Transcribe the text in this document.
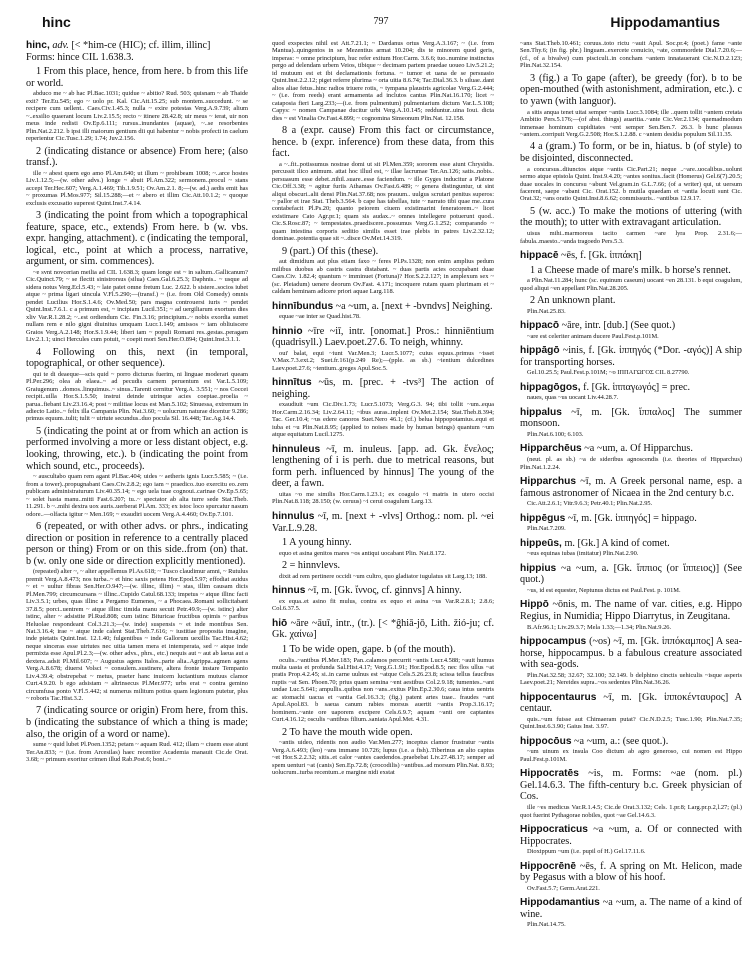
hinc	797	Hippodamantius

hinc, adv. [< *him-ce (HIC); cf. illim, illinc]

Forms: hince CIL 1.638.3.

1 From this place, hence, from here. b from this life or world.

abduco me ~ ab hac Pl.Bac.1031; quidue ~ abitio? Rud. 503; quisnam ~ ab Thaide exit? Ter.Eu.545; ego ~ uolo pr. Kal. Cic.Att.15.25; sub montem..succedunt. ~ se recipere cum uellent.. Caes.Civ.1.45.3; nulla ~ exire potestas Verg.A.9.739; alium ~..exsilio quaerant locum Liv.2.15.5; recto ~ itinere 28.42.8; uir meus ~ ierat, uir non meus inde redisti Ov.Ep.6.111; rursus..inundantes (aquae), ~..se resorbentes Plin.Nat.2.212. b ipsi illi maiorum gentium dii qui habentur ~ nobis profecti in caelum reperientur Cic.Tusc.1.29; 1.74; Juv.2.156.

2 (indicating distance or absence) From here; (also transf.).

ille ~ abest quem ego amo Pl.Am.640; ut illum ~ prohibeam 1008; ~..arce hostes Liv.1.12.5;—(w. other advs.) longe ~ abuit Pl.Am.322; sermonem..procul ~ stans accepi Ter.Hec.607; Verg.A.1.469; Tib.1.9.51; Ov.Am.2.1. 8;—(w. ad.) aedis emit has ~ proxumas Pl.Mos.977; Sil.15.288;—et ~ abero et illim Cic.Att.10.1.2; ~ quoque exclusis excusatio superest Quint.Inst.7.4.14.

3 (indicating the point from which a topographical feature, space, etc., extends) From here. b (w. vbs. expr. hanging, attachment). c (indicating the temporal, logical, etc., point at which a process, narrative, argument, or sim. commences).

~e svnt novcerian meilia ad CIL 1.638.3; quam longe est ~ in saltum..Gallicanum? Cic.Quinct.79; ~ se flectit sinistrorsus (silua) Caes.Gal.6.25.3; Daphnis.. ~ usque ad sidera notus Verg.Ecl.5.43; ~ late patet omne fretum Luc. 2.622. b sistere..socios iubet atque ~ prima ligari uincula V.Fl.5.290;—(transf.) ~ (i.e. from Old Comedy) omnis pendet Lucilius Hor.S.1.4.6; Ov.Med.50; pars magna controuersi iuris ~ pendet Quint.Inst.7.6.1. c a primum est, ~ incipiam Lucil.351; ~ ad uergiliarum exortum dies xliv Var.R.1.28.2; ~..est ordiendum Cic. Fin.3.16; principium..~ nobis exordia sumet nullam rem e nilo gigni diuinitus umquam Lucr.1.149; amissos ~ iam obliuiscere Graios Verg.A.2.148; Hor.S.1.9.44; liberi iam ~ populi Romani res..gestas..peragam Liv.2.1.1; uinci Hercules cum potuit, ~ coepit mori Sen.Her.O.894; Quint.Inst.3.1.1.

4 Following on this, next (in temporal, topographical, or other sequence).

qui te di deaeque—scis quid ~ porro dicturus fuerim, ni linguae moderari queam Pl.Per.296; olea ab elaea..~ ad pecudis carnem peruentum est Var.L.5.109; Graiugenum ..domos..linquimus..~ sinus..Tarenti cernitur Verg.A. 3.551; ~ nos Coccei recipit..uilla Hor.S.1.5.50; instrui deinde utrinque acies coeptae..proelia ~ parua..fiebant Liv.23.16.4; post ~ militiae locus est Man.5.102; Sinuessa, extremum in adiecto Latio..~ felix illa Campania Plin. Nat.3.60; ~ uolucrum naturae dicentur 9.286; primus equum..tulit; tulit ~ uirtute secundus..duo pocula Sil. 16.448; Tac.Ag.14.4.

5 (indicating the point at or from which an action is performed involving a more or less distant object, e.g. looking, throwing, etc.). b (indicating the point from which sound, etc., proceeds).

~ auscultabo quam rem agant Pl.Bac.404; uides ~ aetheris ignis Lucr.5.585; ~ (i.e. from a tower)..propugnabant Caes.Civ.2.8.2; ego iam ~ praedico..tuo exercitu eo..rem publicam administraturum Liv.40.35.14; ~ ego uela tuae cognoui..carinae Ov.Ep.5.65; ~ solet hasta manu..mitti Fast.6.207; tu..~ spectator ab alta turre sede Stat.Theb. 11.291. b ~..mihi dextra uox auris..uerberat Pl.Am. 333; ex istoc loco spurcatur nasum odore..—olfacta igitur ~ Men.169; ~ exaudiri uocem Verg.A.4.460; Ov.Ep.7.101.

6 (repeated, or with other advs. or phrs., indicating direction or position in reference to a centrally placed person or thing) From or on this side..from (on) that. b (w. only one side or direction explicitly mentioned).

(repeated) alter ~, ~ alter appellemus Pl.As.618; ~ Tusco claudimur amni, ~ Rutulus premit Verg.A.8.473; nos turba..~ et hinc saxis petens Hor.Epod.5.97; effodiat auidus ~ et ~ uultur fibras Sen.Her.O.947;—(w. illinc, illim) ~ stas, illim causam dicis Pl.Men.799; circumcursans ~ illinc..Cupido Catul.68.133; impetus ~ atque illinc facti Liv.3.5.1; urbes, quas illinc a Pergamo Eumenes, ~ a Phocaea..Romani sollicitabant 37.8.5; porci..uentrem ~ atque illinc timida manu secuit Petr.49.9;—(w. istinc) alter istinc, alter ~ adsistite Pl.Rud.808; cum istinc Bituricae fructibus opimis ~ paribus Heluolae respondeant Col.3.21.3;—(w. inde) suspensis ~ et inde montibus Sen. Nat.3.16.4; irae ~ atque inde calent Stat.Theb.7.616; ~ iustitiae proposita imagine, inde pietatis Quint.Inst. 12.1.40; fulgentibus ~ inde Gallorum uexillis Tac.Hist.4.62; neque sinceras esse uirtutes nec uitia tamen mera et intemperata, sed ~ atque inde permixta esse Apul.Pl.2.3;—(w. other advs., phrs., etc.) nequis aut ~ aut ab laeua aut a dextera..adsit Pl.Mil.607; ~ Augustus agens Italos..parte alia..Agrippa..agmen agens Verg.A.8.678; diuersi Volsci ~ consulem..sustinere, altera fronte instare Tempanio Liv.4.39.4; obstrepebat ~ metus, praeter hanc inuicem luctantium mutuus clamor Curt.4.9.20. b ego adsistam ~ altrinsecus Pl.Mer.977; urbs erat ~ contra gemino circumfusa ponto V.Fl.5.442; si numerus militum potius quam legionum putetur, plus ~ roboris Tac.Hist.3.2.

7 (indicating source or origin) From here, from this. b (indicating the substance of which a thing is made; also, the origin of a word or name).

sume ~ quid lubet Pl.Poen.1352; petam ~ aquam Rud. 412; illam ~ ciuem esse aiunt Ter.An.833; ~ (i.e. from Arcesilas) haec recentior Academia manauit Cic.de Orat. 3.68; ~ primum exoritur crimen illud Rab.Post.6; boni..~

quod exspectes nihil est Att.7.21.1; ~ Dardanus ortus Verg.A.3.167; ~ (i.e. from Mantua)..quingentos in se Mezentius armat 10.204; dis te minorem quod geris, imperas: ~ omne principium, huc refer exitum Hor.Carm. 3.6.6; tuo..numine instinctus pergo ad delendam urbem Veios, tibique ~ decimam partem praedae uoueo Liv.5.21.2; id mutuum est et ibi declamationis fortuna. ~ tumor et uana de se persuasio Quint.Inst.2.2.12; piget referre plurima ~ orta uitia 8.6.74; Tac.Dial.36.3. b siluae..dant alios aliae fetus..hinc radios triuere rotis, ~ tympana plaustris agricolae Verg.G.2.444; ~ (i.e. from reeds) erant armamenta ad inclutos cantus Plin.Nat.16.170; licet ~ cataposia fieri Larg.233;—(i.e. from pulmentum) pulmentarium dictum Var.L.5.108; Capys: ~ nomen Campanae ducitur urbi Verg.A.10.145; redduntur..uina Ioui. dicta dies ~ est Vinalia Ov.Fast.4.899; ~ cognomina Simeonum Plin.Nat. 12.158.

8 a (expr. cause) From this fact or circumstance, hence. b (expr. inference) from these data, from this fact.

a ~..fit..potissumus nostrae domi ut sit Pl.Men.359; sororem esse aiunt Chrysidis. percussit ilico animum. attat hoc illud est, ~ illae lacrumae Ter.An.126; satis..nobis.. persuasum esse debet..nihil..suare..esse faciendum. ~ ille Gyges inducitur a Platone Cic.Off.3.38; ~ agitur furiis Athamas Ov.Fast.6.489; ~ genera distinguntur, ut sint aliqui obscuri..alii densi Plin.Nat.37.68; nos prauum.. uulgus scrutari penitus superos: ~ pallor et irae Stat. Theb.3.564. b cape has tabellas, tute ~ narrato tibi quae me..cura contabefacit Pl.Ps.20; quanto peiorem ciuem existimarint feneratorem..~ licet existimare Cato Agr.pr.1; quam sis audax..~ omnes intellegere potuerunt quod.. Cic.S.Rosc.87; ~ tempestates..praediscere..possumus Verg.G.1.252; comparando ~ quam intestina corporis seditio similis esset irae plebis in patres Liv.2.32.12; dominae..potentia quae sit ~..disce Ov.Met.14.319.

9 (part.) Of this (these).

aut dimidium aut plus etiam faxo ~ feres Pl.Ps.1328; non enim amplius pedum milibus duobus ab castris castra distabant. ~ duas partis acies occupabant duae Caes.Civ. 1.82.4; quantum ~ imminuet (Fortuna)? Hor.S.2.2.127; in amplexum sex ~ (sc. Pleiadum) uenere deorum Ov.Fast. 4.171; incoquere rutam quam plurimam et ~ caldam heminam adicere priori aquae Larg.118.

hinnībundus ~a ~um, a. [next + -bvndvs] Neighing.

equae ~ae inter se Quad.hist.78.

hinnio ~īre ~iī, intr. [onomat.] Pros.: hinniēntium (quadrisyll.) Laev.poet.27.6. To neigh, whinny.

oui' balat, equi ~iunt Var.Men.3; Lucr.5.1077; cuius equus..primus ~isset V.Max.7.3.ext.2; Suet.fr.161(p.249 Re);—(pple. as sb.) ~ientium dulcedines Laev.poet.27.6; ~ientium..greges Apul.Soc.5.

hinnītus ~ūs, m. [prec. + -tvs³] The action of neighing.

exaudiuit ~um Cic.Div.1.73; Lucr.5.1073; Verg.G.3. 94; tibi tollit ~um..equa Hor.Carm.2.16.34; Liv.2.64.11; ~ibus auras..inplent Ov.Met.2.154; Stat.Theb.8.394; Tac. Ger.10.4; ~us edere canoros Suet.Nero 46.1; (cf.) belua hippopotamius..equi et iuba et ~u Plin.Nat.8.95; (applied to noises made by human beings) quantum ~um atque equitatum Lucil.1275.

hinnuleus ~ī, m. inuleus. [app. ad. Gk. ἔνελος; lengthening of i is perh. due to metrical reasons, but form perh. influenced by hinnus] The young of the deer, a fawn.

uitas ~o me similis Hor.Carm.1.23.1; ex coagulo ~i matris in utero occisi Plin.Nat.8.118; 28.150; (w. ceruus) ~i cerui coagulum Larg.13.

hinnulus ~ī, m. [next + -vlvs] Orthog.: nom. pl. ~ei Var.L.9.28.

1 A young hinny.

equo et asina genitos mares ~os antiqui uocabant Plin. Nat.8.172.

2 = hinnvlevs.

dixit ad rem pertinere occidi ~um cultro, quo gladiator iugulatus sit Larg.13; 188.

hinnus ~ī, m. [Gk. ἴννος, cf. ginnvs] A hinny.

ex equa..et asino fit mulus, contra ex equo et asina ~us Var.R.2.8.1; 2.8.6; Col.6.37.5.

hiō ~āre ~āuī, intr., (tr.). [< *ĝhiā-jō, Lith. žió-ju; cf. Gk. χαίνω]

1 To be wide open, gape. b (of the mouth).

oculis..~antibus Pl.Mer.183; Pan..calamos percurrit ~antis Lucr.4.588; ~auit humus multa uasta et profunda Sal.Hist.4.17; Verg.G.1.91; Hor.Epod.8.5; nec flos ullus ~at pratis Prop.4.2.45; si..in carne uulnus est ~atque Cels.5.26.23.8; scissa tellus faucibus ruptis ~at Sen. Phoen.70; prius quam semina ~ent aestibus Col.2.9.18; tumentes..~ant undae Luc.5.641; ampullis..quibus non ~ans..exitus Plin.Ep.2.30.6; caua intus uentris ac stomachi uacua et ~antia Gel.16.3.3; (fig.) patent artes tuae.. fraudes ~ant Apul.Apol.83. b saeua canum rabies morsus auertit ~antis Prop.3.16.17; hominem..~ante ore uaporem excipere Cels.6.9.7; aquam ~anti ore captantes Curt.4.16.12; osculis ~antibus filium..saniata Apul.Met. 4.31.

2 To have the mouth wide open.

~antis uideo, ridentis non audio Var.Men.277; inceptus clamor frustratur ~antis Verg.A.6.493; (leo) ~ans immane 10.726; lupus (i.e. a fish)..Tiberinus an alto captus ~et Hor.S.2.2.32; sitis..et calor ~antes caedendos..praebebat Liv.27.48.17; semper ad spem uenturi ~at (canis) Sen.Ep.72.8; (crocodilis) ~antibus..ad morsum Plin.Nat. 8.93; uolucrum..turba recentum..e margine nidi exstat

~ans Stat.Theb.10.461; coruus..toto rictu ~auit Apul. Soc.pr.4; (poet.) fame ~ante Sen.Thy.6; (in fig. phr.) linguam..exercete conuicio, ~ate, commordete Dial.7.20.6;—(cf., of a bivalve) cum pisciculi..in concham ~antem innatauerant Cic.N.D.2.123; Plin.Nat.32.154.

3 (fig.) a To gape (after), be greedy (for). b to be open-mouthed (with astonishment, admiration, etc.). c to yawn (with languor).

a sitis anqua tenet uitai semper ~antis Lucr.3.1084; ille ..quem tollit ~antem cretata Ambitio Pers.5.176;—(of abst. things) auaritia..~ante Cic.Ver.2.134; quemadmodum inmensae hominum cupiditates ~ent semper Sen.Ben.7. 26.3. b hunc plausus ~antem..corripuit Verg.G.2.508; Hor.S.1.2.88. c ~antem desidia populum Sil.11.35.

4 a (gram.) To form, or be in, hiatus. b (of style) to be disjointed, disconnected.

a concursus..diiunctos atque ~antis Cic.Part.21; neque ..~are..uocalibus..uolunt sermo atque epistola Quint. Inst.9.4.20; ~antes sonitus..facit (Homerus) Gel.6(7).20.5; duae uocales in concursu ~abunt Vel.gram.in G.L.7.66; (of a writer) qui, ut uersum facerent, saepe ~abant Cic. Orat.152. b mutila quaedam et ~antia locuti sunt Cic. Orat.32; ~ans oratio Quint.Inst.8.6.62; commissuris.. ~antibus 12.9.17.

5 (w. acc.) To make the motions of uttering (with the mouth); to utter with extravagant articulation.

uisus mihi..marmoreus tacito carmen ~are lyra Prop. 2.31.6;—fabula..maesto..~anda tragoedo Pers.5.3.

hippacē ~ēs, f. [Gk. ἱππάκη]

1 a Cheese made of mare's milk. b horse's rennet.

a Plin.Nat.11.284; hunc (sc. equinum caseum) uocant ~en 28.131. b equi coagulum, quod aliqui ~en appellant Plin.Nat.28.205.

2 An unknown plant.

Plin.Nat.25.83.

hippacō ~āre, intr. [dub.] (See quot.)

~are est celeriter animam ducere Paul.Fest.p.101M.

hippāgō ~inis, f. [Gk. ἱππηγός (*Dor. -αγός)] A ship for transporting horses.

Gel.10.25.5; Paul.Fest.p.101M; ~o ΙΠΠΑΓΩΓΟΣ CIL 8.27790.

hippagōgos, f. [Gk. ἱππαγωγός] = prec.

naues, quas ~us uocant Liv.44.28.7.

hippalus ~ī, m. [Gk. ἵππαλος] The summer monsoon.

Plin.Nat.6.100; 6.103.

Hipparchēus ~a ~um, a. Of Hipparchus.

(neut. pl. as sb.) ~a de sideribus agnoscendis (i.e. theories of Hipparchus) Plin.Nat.1.2.24.

Hipparchus ~ī, m. A Greek personal name, esp. a famous astronomer of Nicaea in the 2nd century b.c.

Cic.Att.2.6.1; Vitr.9.6.3; Petr.40.1; Plin.Nat.2.95.

hippēgus ~ī, m. [Gk. ἱππηγός] = hippago.

Plin.Nat.7.209.

hippeūs, m. [Gk.] A kind of comet.

~eus equinas iubas (imitatur) Plin.Nat.2.90.

hippius ~a ~um, a. [Gk. ἵππιος (or ἵππειος)] (See quot.)

~us, id est equester, Neptunus dictus est Paul.Fest. p. 101M.

Hippō ~ōnis, m. The name of var. cities, e.g. Hippo Regius, in Numidia; Hippo Diarrytus, in Zeugitana.

B.Afr.96.1; Liv.29.3.7; Mela 1.33;—1.34; Plin.Nat.9.26.

hippocampus (~os) ~ī, m. [Gk. ἱππόκαμπος] A sea-horse, hippocampus. b a fabulous creature associated with sea-gods.

Plin.Nat.32.58; 32.67; 32.100; 32.149. b delphino cinctis uehiculis ~isque asperis Laev.poet.21; Nereides supra..~os sedentes Plin.Nat.36.26.

hippocentaurus ~ī, m. [Gk. ἱπποκένταυρος] A centaur.

quis..~um fuisse aut Chimaeram putat? Cic.N.D.2.5; Tusc.1.90; Plin.Nat.7.35; Quint.Inst.6.3.90; Gaius Inst. 3.97.

hippocōus ~a ~um, a.: (see quot.).

~um uinum ex insula Coo dictum ab agro generoso, cui nomen est Hippo Paul.Fest.p.101M.

Hippocratēs ~is, m. Forms: ~ae (nom. pl.) Gel.14.6.3. The fifth-century b.c. Greek physician of Cos.

ille ~es medicus Var.R.1.4.5; Cic.de Orat.3.132; Cels. 1.pr.8; Larg.pr.p.2,l.27; (pl.) quot fuerint Pythagorae nobiles, quot ~ae Gel.14.6.3.

Hippocraticus ~a ~um, a. Of or connected with Hippocrates.

Dioxippum ~um (i.e. pupil of H.) Gel.17.11.6.

Hippocrēnē ~ēs, f. A spring on Mt. Helicon, made by Pegasus with a blow of his hoof.

Ov.Fast.5.7; Germ.Arat.221.

Hippodamantius ~a ~um, a. The name of a kind of wine.

Plin.Nat.14.75.
